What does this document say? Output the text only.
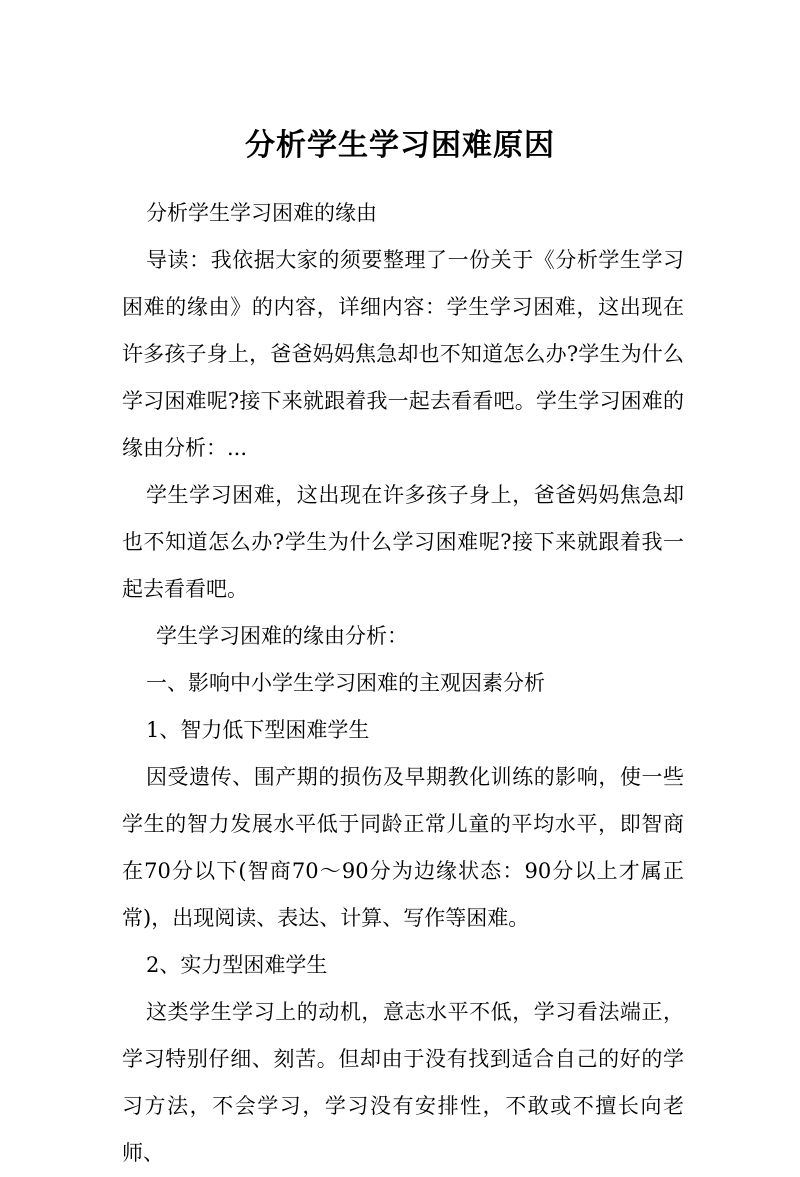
分析学生学习困难原因

分析学生学习困难的缘由

导读：我依据大家的须要整理了一份关于《分析学生学习困难的缘由》的内容，详细内容：学生学习困难，这出现在许多孩子身上，爸爸妈妈焦急却也不知道怎么办?学生为什么学习困难呢?接下来就跟着我一起去看看吧。学生学习困难的缘由分析：...

学生学习困难，这出现在许多孩子身上，爸爸妈妈焦急却也不知道怎么办?学生为什么学习困难呢?接下来就跟着我一起去看看吧。

学生学习困难的缘由分析：

一、影响中小学生学习困难的主观因素分析

1、智力低下型困难学生

因受遗传、围产期的损伤及早期教化训练的影响，使一些学生的智力发展水平低于同龄正常儿童的平均水平，即智商在70分以下(智商70～90分为边缘状态：90分以上才属正常)，出现阅读、表达、计算、写作等困难。

2、实力型困难学生

这类学生学习上的动机，意志水平不低，学习看法端正，学习特别仔细、刻苦。但却由于没有找到适合自己的好的学习方法，不会学习，学习没有安排性，不敢或不擅长向老师、
